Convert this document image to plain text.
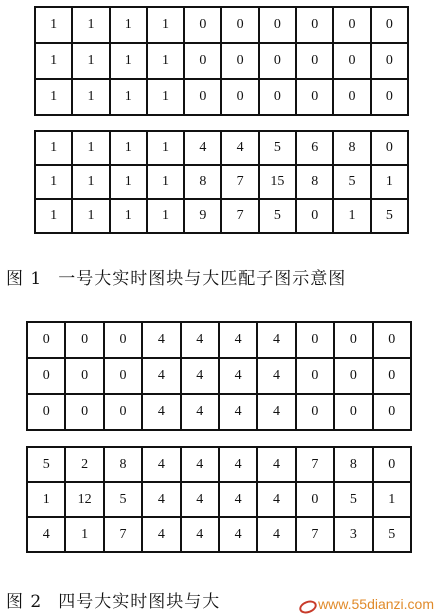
1	1	1	1	0	0	0	0	0	0
1	1	1	1	0	0	0	0	0	0
1	1	1	1	0	0	0	0	0	0
1	1	1	1	4	4	5	6	8	0
1	1	1	1	8	7	15	8	5	1
1	1	1	1	9	7	5	0	1	5
图 1 一号大实时图块与大匹配子图示意图
0	0	0	4	4	4	4	0	0	0
0	0	0	4	4	4	4	0	0	0
0	0	0	4	4	4	4	0	0	0
5	2	8	4	4	4	4	7	8	0
1	12	5	4	4	4	4	0	5	1
4	1	7	4	4	4	4	7	3	5
图 2 四号大实时图块与大	www.55dianzi.com
